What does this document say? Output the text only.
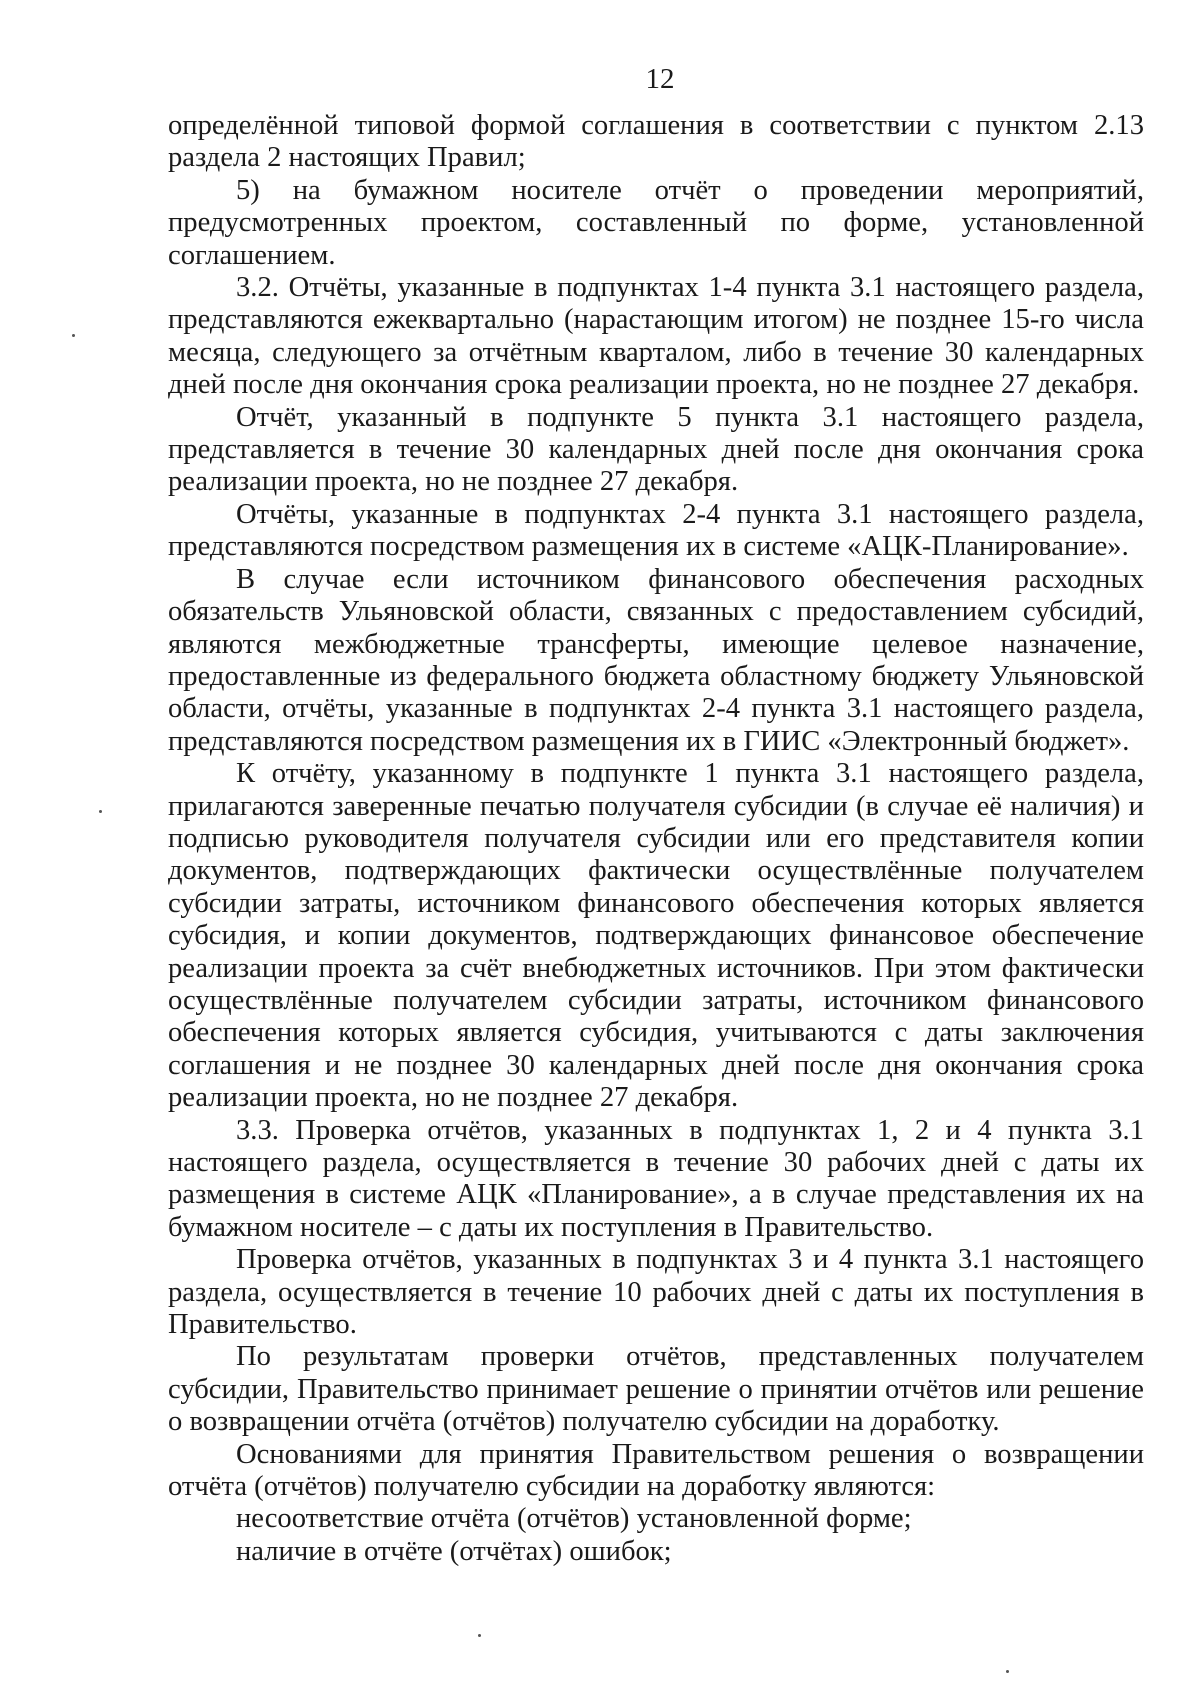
12

определённой типовой формой соглашения в соответствии с пунктом 2.13 раздела 2 настоящих Правил;

5) на бумажном носителе отчёт о проведении мероприятий, предусмотренных проектом, составленный по форме, установленной соглашением.

3.2. Отчёты, указанные в подпунктах 1-4 пункта 3.1 настоящего раздела, представляются ежеквартально (нарастающим итогом) не позднее 15-го числа месяца, следующего за отчётным кварталом, либо в течение 30 календарных дней после дня окончания срока реализации проекта, но не позднее 27 декабря.

Отчёт, указанный в подпункте 5 пункта 3.1 настоящего раздела, представляется в течение 30 календарных дней после дня окончания срока реализации проекта, но не позднее 27 декабря.

Отчёты, указанные в подпунктах 2-4 пункта 3.1 настоящего раздела, представляются посредством размещения их в системе «АЦК-Планирование».

В случае если источником финансового обеспечения расходных обязательств Ульяновской области, связанных с предоставлением субсидий, являются межбюджетные трансферты, имеющие целевое назначение, предоставленные из федерального бюджета областному бюджету Ульяновской области, отчёты, указанные в подпунктах 2-4 пункта 3.1 настоящего раздела, представляются посредством размещения их в ГИИС «Электронный бюджет».

К отчёту, указанному в подпункте 1 пункта 3.1 настоящего раздела, прилагаются заверенные печатью получателя субсидии (в случае её наличия) и подписью руководителя получателя субсидии или его представителя копии документов, подтверждающих фактически осуществлённые получателем субсидии затраты, источником финансового обеспечения которых является субсидия, и копии документов, подтверждающих финансовое обеспечение реализации проекта за счёт внебюджетных источников. При этом фактически осуществлённые получателем субсидии затраты, источником финансового обеспечения которых является субсидия, учитываются с даты заключения соглашения и не позднее 30 календарных дней после дня окончания срока реализации проекта, но не позднее 27 декабря.

3.3. Проверка отчётов, указанных в подпунктах 1, 2 и 4 пункта 3.1 настоящего раздела, осуществляется в течение 30 рабочих дней с даты их размещения в системе АЦК «Планирование», а в случае представления их на бумажном носителе – с даты их поступления в Правительство.

Проверка отчётов, указанных в подпунктах 3 и 4 пункта 3.1 настоящего раздела, осуществляется в течение 10 рабочих дней с даты их поступления в Правительство.

По результатам проверки отчётов, представленных получателем субсидии, Правительство принимает решение о принятии отчётов или решение о возвращении отчёта (отчётов) получателю субсидии на доработку.

Основаниями для принятия Правительством решения о возвращении отчёта (отчётов) получателю субсидии на доработку являются:

несоответствие отчёта (отчётов) установленной форме;

наличие в отчёте (отчётах) ошибок;
